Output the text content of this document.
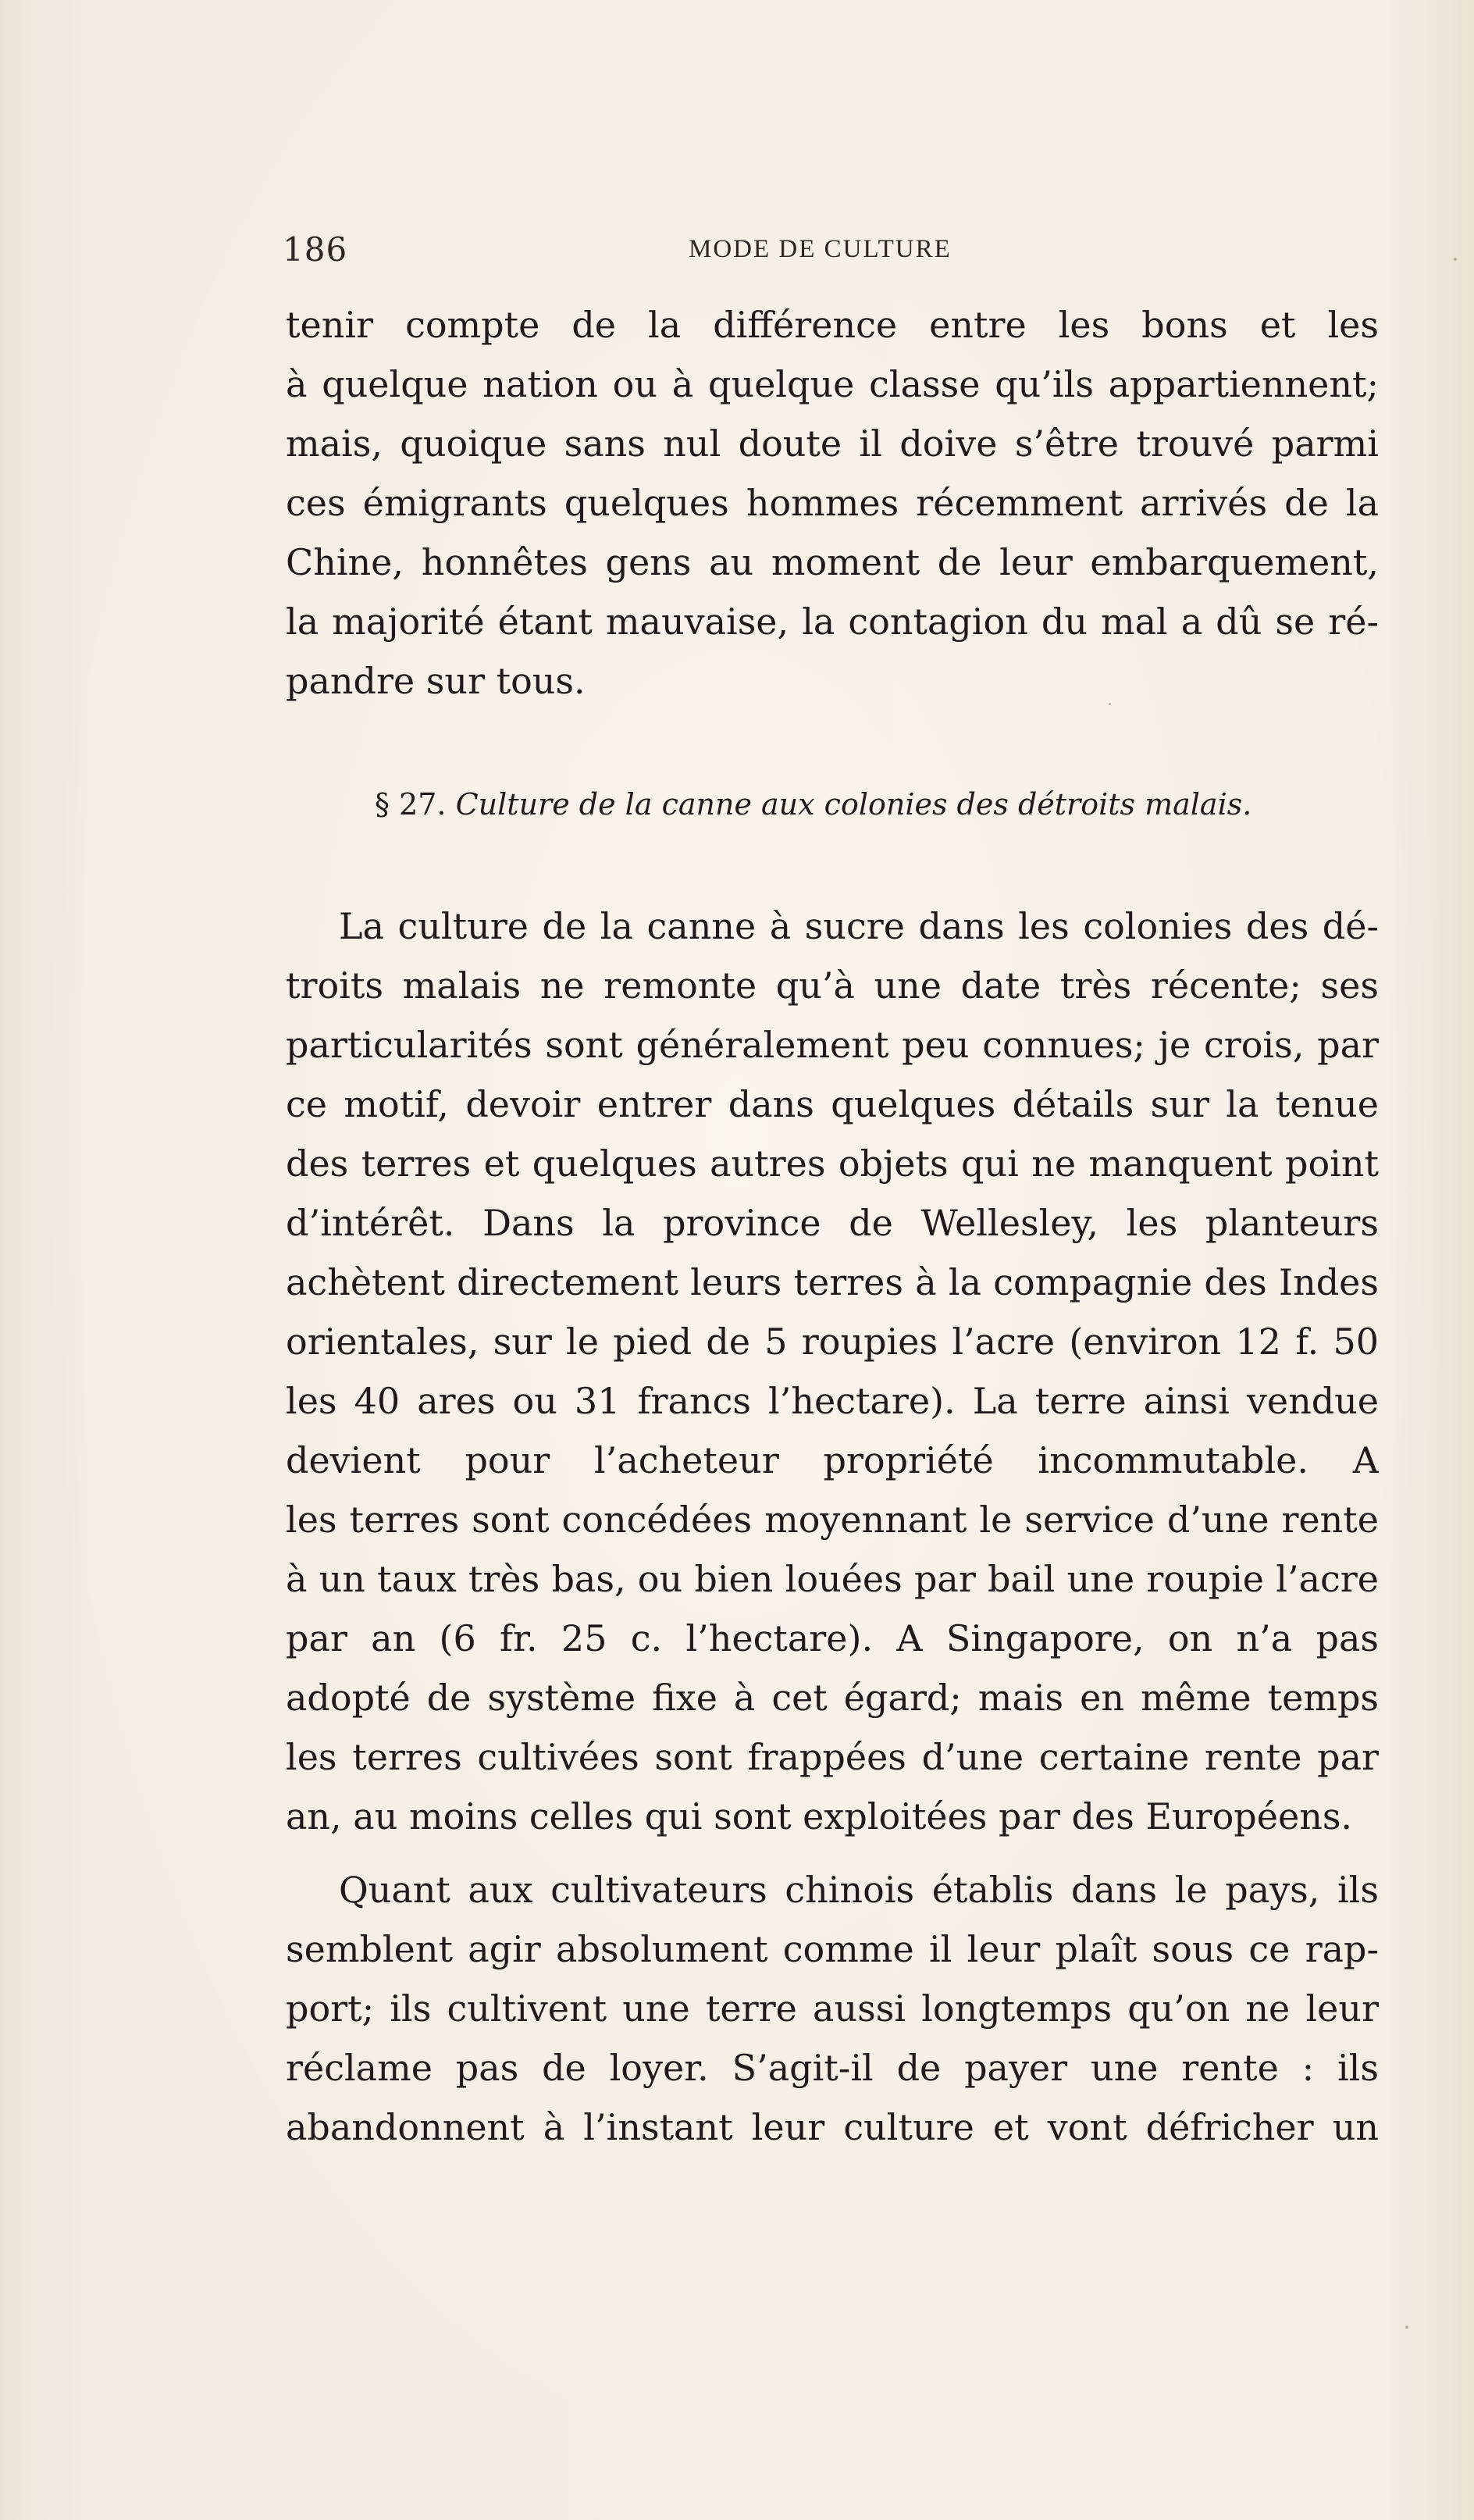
186	MODE DE CULTURE
tenir compte de la différence entre les bons et les
à quelque nation ou à quelque classe qu’ils appartiennent;
mais, quoique sans nul doute il doive s’être trouvé parmi
ces émigrants quelques hommes récemment arrivés de la
Chine, honnêtes gens au moment de leur embarquement,
la majorité étant mauvaise, la contagion du mal a dû se ré-
pandre sur tous.
§ 27. Culture de la canne aux colonies des détroits malais.
La culture de la canne à sucre dans les colonies des dé-
troits malais ne remonte qu’à une date très récente; ses
particularités sont généralement peu connues; je crois, par
ce motif, devoir entrer dans quelques détails sur la tenue
des terres et quelques autres objets qui ne manquent point
d’intérêt. Dans la province de Wellesley, les planteurs
achètent directement leurs terres à la compagnie des Indes
orientales, sur le pied de 5 roupies l’acre (environ 12 f. 50
les 40 ares ou 31 francs l’hectare). La terre ainsi vendue
devient pour l’acheteur propriété incommutable. A
les terres sont concédées moyennant le service d’une rente
à un taux très bas, ou bien louées par bail une roupie l’acre
par an (6 fr. 25 c. l’hectare). A Singapore, on n’a pas
adopté de système fixe à cet égard; mais en même temps
les terres cultivées sont frappées d’une certaine rente par
an, au moins celles qui sont exploitées par des Européens.
Quant aux cultivateurs chinois établis dans le pays, ils
semblent agir absolument comme il leur plaît sous ce rap-
port; ils cultivent une terre aussi longtemps qu’on ne leur
réclame pas de loyer. S’agit-il de payer une rente : ils
abandonnent à l’instant leur culture et vont défricher un
